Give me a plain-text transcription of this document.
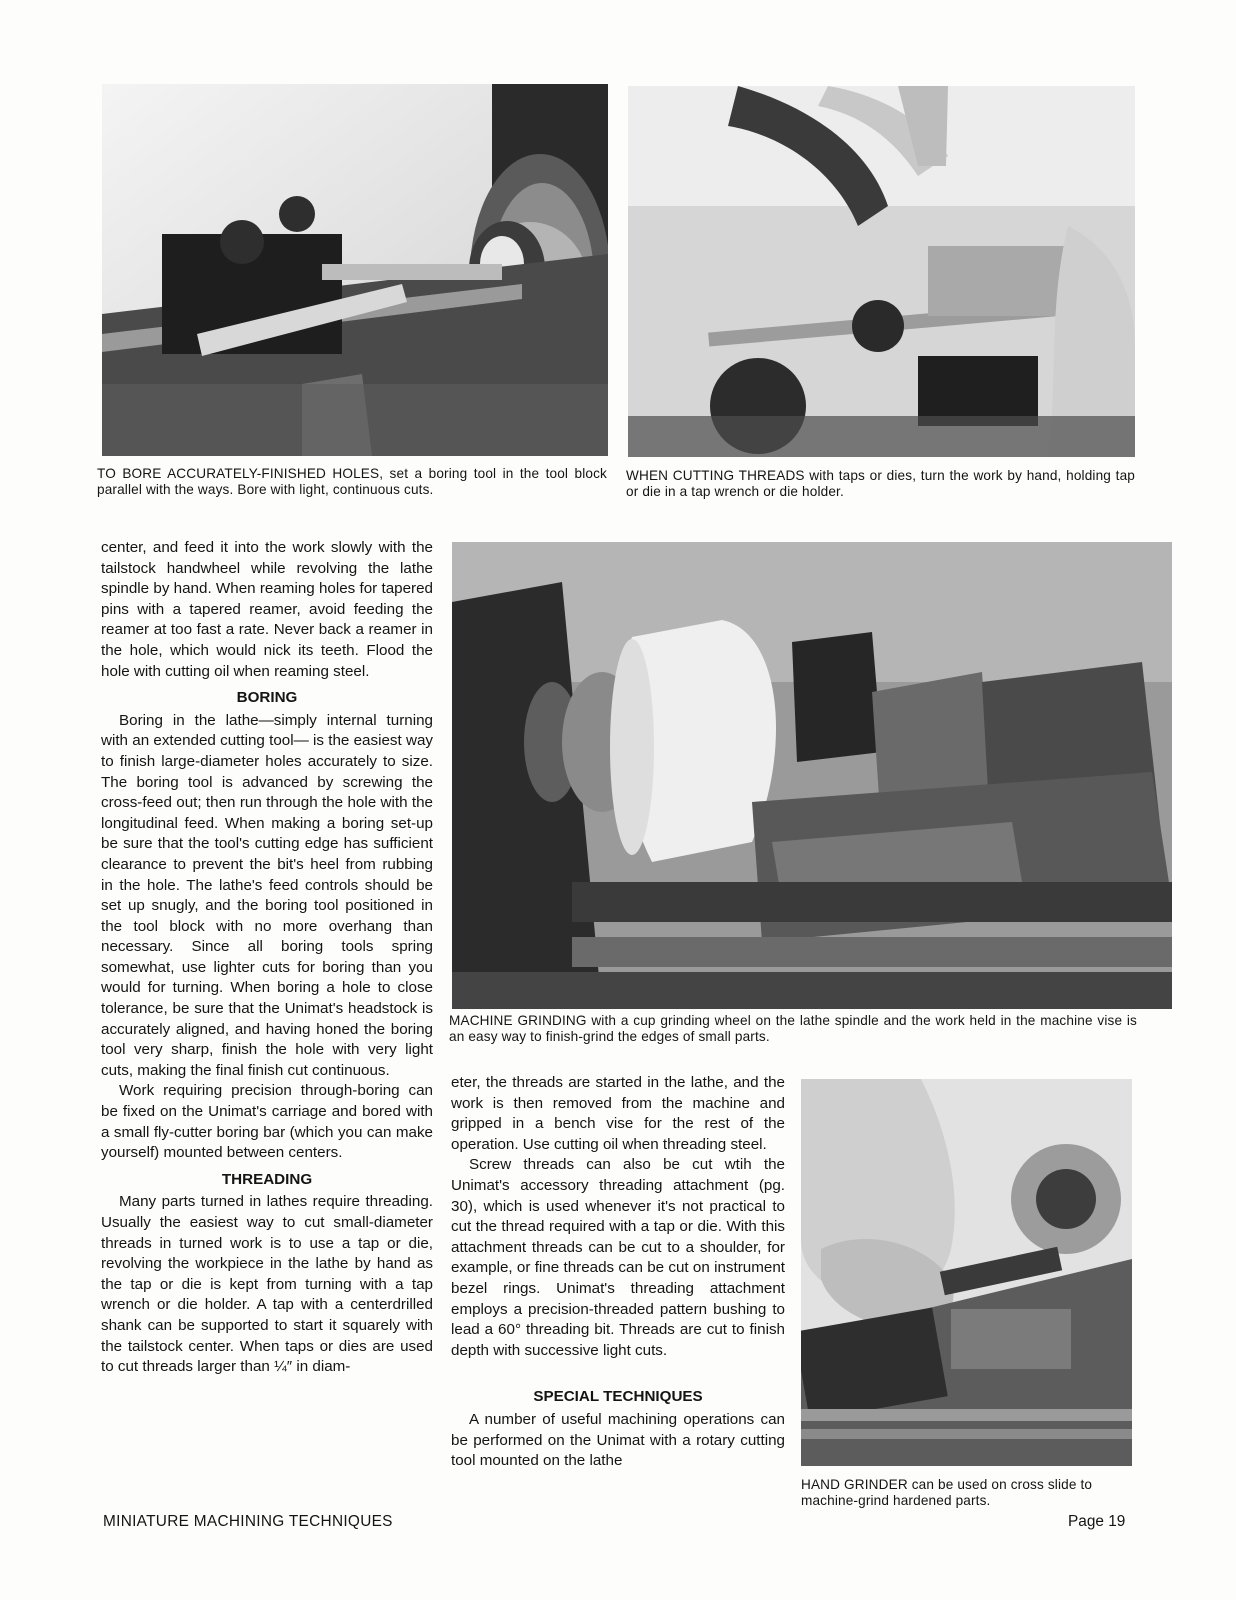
TO BORE ACCURATELY-FINISHED HOLES, set a boring tool in the tool block parallel with the ways. Bore with light, continuous cuts.
WHEN CUTTING THREADS with taps or dies, turn the work by hand, holding tap or die in a tap wrench or die holder.
MACHINE GRINDING with a cup grinding wheel on the lathe spindle and the work held in the machine vise is an easy way to finish-grind the edges of small parts.
HAND GRINDER can be used on cross slide to machine-grind hardened parts.

center, and feed it into the work slowly with the tailstock handwheel while revolving the lathe spindle by hand. When reaming holes for tapered pins with a tapered reamer, avoid feeding the reamer at too fast a rate. Never back a reamer in the hole, which would nick its teeth. Flood the hole with cutting oil when reaming steel.

BORING

Boring in the lathe—simply internal turning with an extended cutting tool— is the easiest way to finish large-diameter holes accurately to size. The boring tool is advanced by screwing the cross-feed out; then run through the hole with the longitudinal feed. When making a boring set-up be sure that the tool's cutting edge has sufficient clearance to prevent the bit's heel from rubbing in the hole. The lathe's feed controls should be set up snugly, and the boring tool positioned in the tool block with no more overhang than necessary. Since all boring tools spring somewhat, use lighter cuts for boring than you would for turning. When boring a hole to close tolerance, be sure that the Unimat's headstock is accurately aligned, and having honed the boring tool very sharp, finish the hole with very light cuts, making the final finish cut continuous.

Work requiring precision through-boring can be fixed on the Unimat's carriage and bored with a small fly-cutter boring bar (which you can make yourself) mounted between centers.

THREADING

Many parts turned in lathes require threading. Usually the easiest way to cut small-diameter threads in turned work is to use a tap or die, revolving the workpiece in the lathe by hand as the tap or die is kept from turning with a tap wrench or die holder. A tap with a centerdrilled shank can be supported to start it squarely with the tailstock center. When taps or dies are used to cut threads larger than ¼″ in diam-

eter, the threads are started in the lathe, and the work is then removed from the machine and gripped in a bench vise for the rest of the operation. Use cutting oil when threading steel.

Screw threads can also be cut wtih the Unimat's accessory threading attachment (pg. 30), which is used whenever it's not practical to cut the thread required with a tap or die. With this attachment threads can be cut to a shoulder, for example, or fine threads can be cut on instrument bezel rings. Unimat's threading attachment employs a precision-threaded pattern bushing to lead a 60° threading bit. Threads are cut to finish depth with successive light cuts.

SPECIAL TECHNIQUES

A number of useful machining operations can be performed on the Unimat with a rotary cutting tool mounted on the lathe

MINIATURE MACHINING TECHNIQUES	Page 19
